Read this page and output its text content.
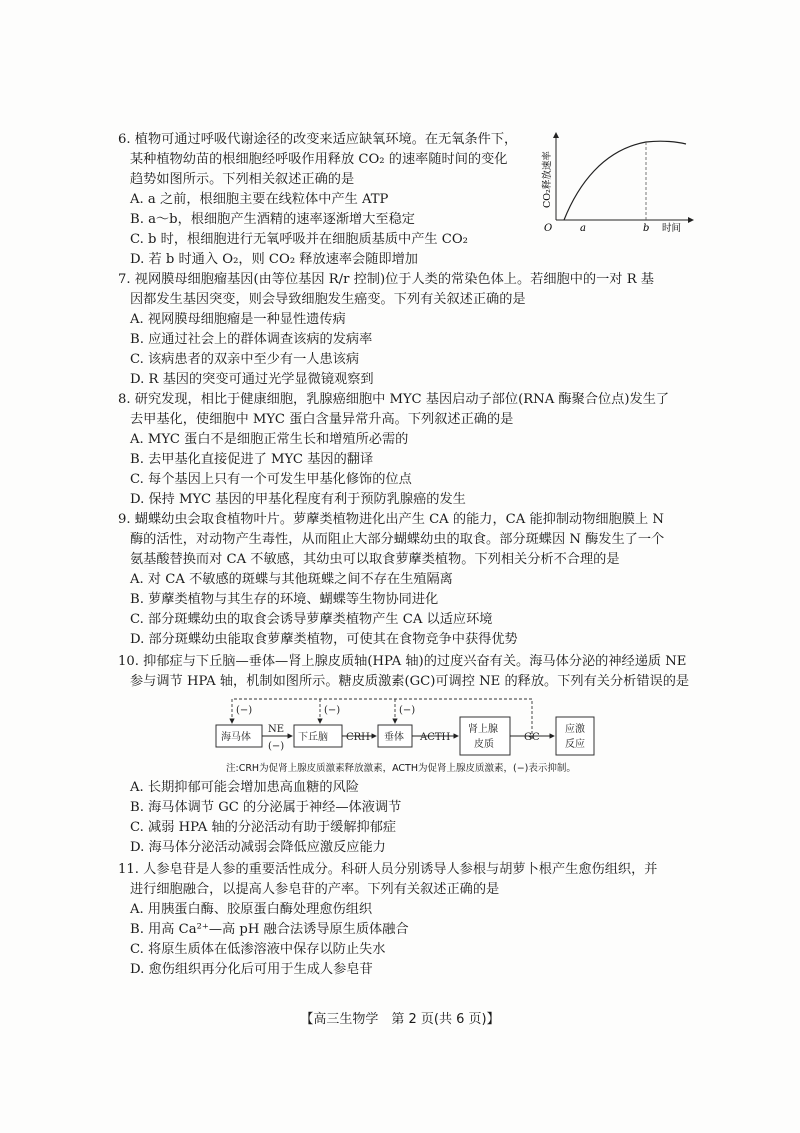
6. 植物可通过呼吸代谢途径的改变来适应缺氧环境。在无氧条件下，
某种植物幼苗的根细胞经呼吸作用释放 CO₂ 的速率随时间的变化
趋势如图所示。下列相关叙述正确的是
A. a 之前，根细胞主要在线粒体中产生 ATP
B. a～b，根细胞产生酒精的速率逐渐增大至稳定
C. b 时，根细胞进行无氧呼吸并在细胞质基质中产生 CO₂
D. 若 b 时通入 O₂，则 CO₂ 释放速率会随即增加
CO₂释放速率
O	a	b 时间
7. 视网膜母细胞瘤基因(由等位基因 R/r 控制)位于人类的常染色体上。若细胞中的一对 R 基
因都发生基因突变，则会导致细胞发生癌变。下列有关叙述正确的是
A. 视网膜母细胞瘤是一种显性遗传病
B. 应通过社会上的群体调查该病的发病率
C. 该病患者的双亲中至少有一人患该病
D. R 基因的突变可通过光学显微镜观察到
8. 研究发现，相比于健康细胞，乳腺癌细胞中 MYC 基因启动子部位(RNA 酶聚合位点)发生了
去甲基化，使细胞中 MYC 蛋白含量异常升高。下列叙述正确的是
A. MYC 蛋白不是细胞正常生长和增殖所必需的
B. 去甲基化直接促进了 MYC 基因的翻译
C. 每个基因上只有一个可发生甲基化修饰的位点
D. 保持 MYC 基因的甲基化程度有利于预防乳腺癌的发生
9. 蝴蝶幼虫会取食植物叶片。萝藦类植物进化出产生 CA 的能力，CA 能抑制动物细胞膜上 N
酶的活性，对动物产生毒性，从而阻止大部分蝴蝶幼虫的取食。部分斑蝶因 N 酶发生了一个
氨基酸替换而对 CA 不敏感，其幼虫可以取食萝藦类植物。下列相关分析不合理的是
A. 对 CA 不敏感的斑蝶与其他斑蝶之间不存在生殖隔离
B. 萝藦类植物与其生存的环境、蝴蝶等生物协同进化
C. 部分斑蝶幼虫的取食会诱导萝藦类植物产生 CA 以适应环境
D. 部分斑蝶幼虫能取食萝藦类植物，可使其在食物竞争中获得优势
10. 抑郁症与下丘脑—垂体—肾上腺皮质轴(HPA 轴)的过度兴奋有关。海马体分泌的神经递质 NE
参与调节 HPA 轴，机制如图所示。糖皮质激素(GC)可调控 NE 的释放。下列有关分析错误的是
(−)	(−)	(−)
海马体
NE
(−)
下丘脑 CRH 垂体 ACTH
肾上腺
皮质
GC
应激
反应
注:CRH为促肾上腺皮质激素释放激素，ACTH为促肾上腺皮质激素，(−)表示抑制。
A. 长期抑郁可能会增加患高血糖的风险
B. 海马体调节 GC 的分泌属于神经—体液调节
C. 减弱 HPA 轴的分泌活动有助于缓解抑郁症
D. 海马体分泌活动减弱会降低应激反应能力
11. 人参皂苷是人参的重要活性成分。科研人员分别诱导人参根与胡萝卜根产生愈伤组织，并
进行细胞融合，以提高人参皂苷的产率。下列有关叙述正确的是
A. 用胰蛋白酶、胶原蛋白酶处理愈伤组织
B. 用高 Ca²⁺—高 pH 融合法诱导原生质体融合
C. 将原生质体在低渗溶液中保存以防止失水
D. 愈伤组织再分化后可用于生成人参皂苷
【高三生物学　第 2 页(共 6 页)】
